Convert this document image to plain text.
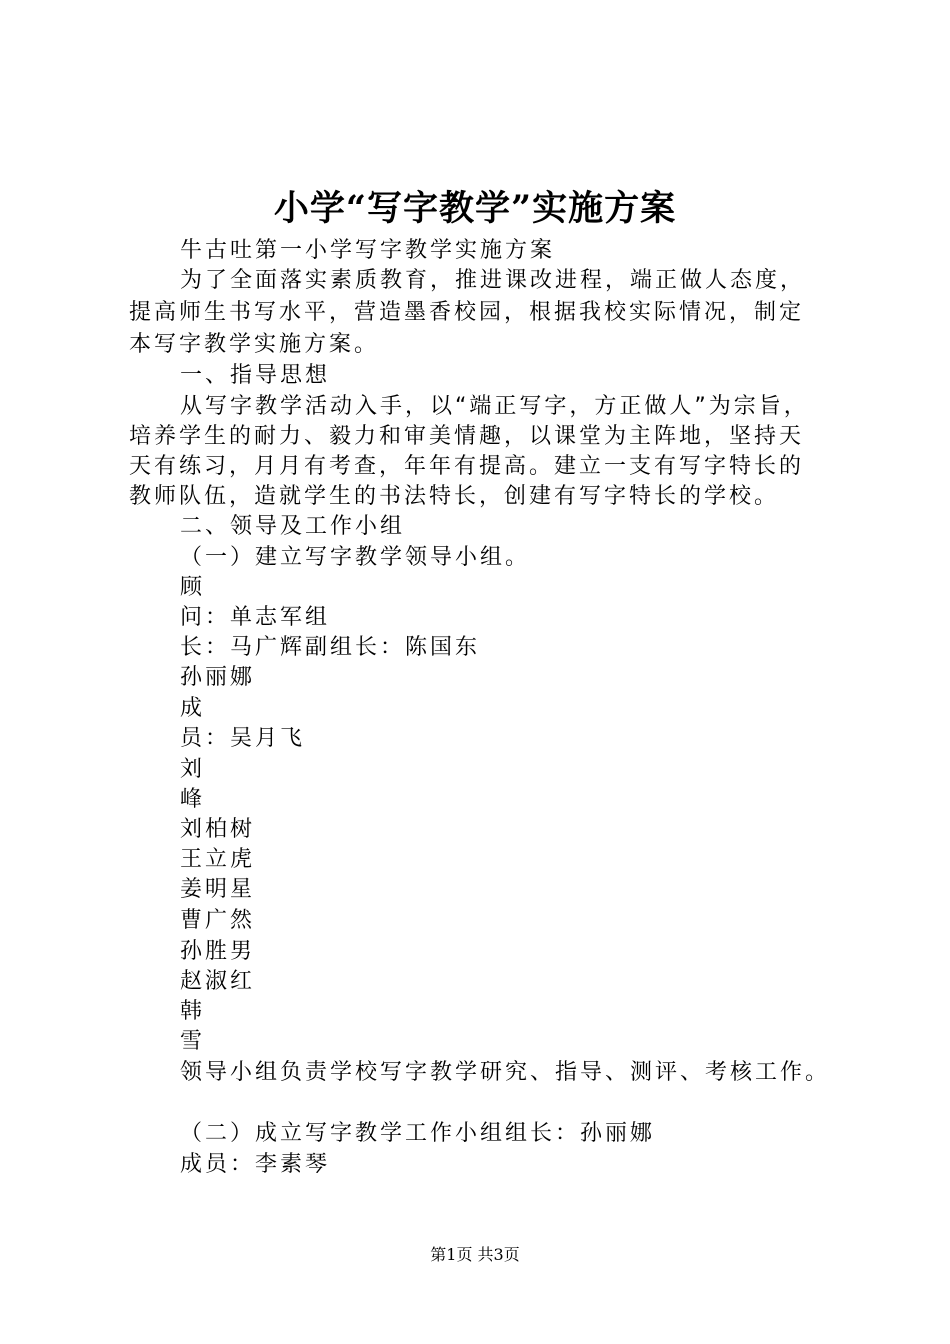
小学“写字教学”实施方案
牛古吐第一小学写字教学实施方案
为了全面落实素质教育，推进课改进程，端正做人态度，
提高师生书写水平，营造墨香校园，根据我校实际情况，制定
本写字教学实施方案。
一、指导思想
从写字教学活动入手，以“端正写字，方正做人”为宗旨，
培养学生的耐力、毅力和审美情趣，以课堂为主阵地，坚持天
天有练习，月月有考查，年年有提高。建立一支有写字特长的
教师队伍，造就学生的书法特长，创建有写字特长的学校。
二、领导及工作小组
（一）建立写字教学领导小组。
顾
问：单志军组
长：马广辉副组长：陈国东
孙丽娜
成
员：吴月飞
刘
峰
刘柏树
王立虎
姜明星
曹广然
孙胜男
赵淑红
韩
雪
领导小组负责学校写字教学研究、指导、测评、考核工作。
（二）成立写字教学工作小组组长：孙丽娜
成员：李素琴
第1页 共3页
